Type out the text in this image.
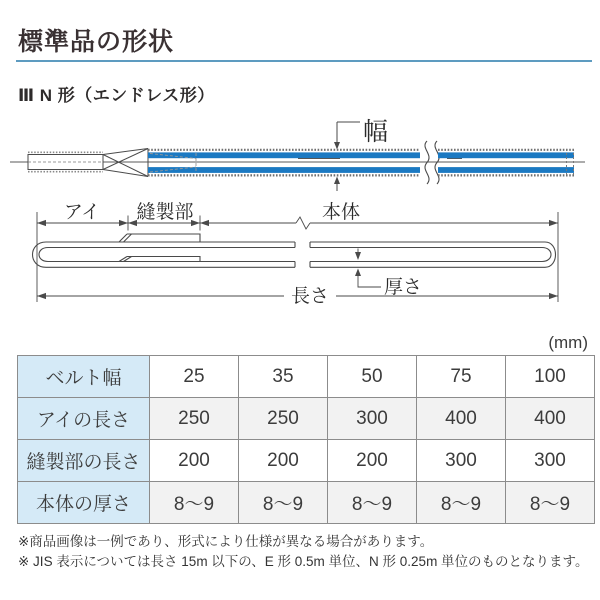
標準品の形状
Ⅲ N 形（エンドレス形）
幅
アイ 縫製部	本体
厚さ
長さ
(mm)
ベルト幅	25	35	50	75	100
アイの長さ	250	250	300	400	400
縫製部の長さ	200	200	200	300	300
本体の厚さ	8～9	8～9	8～9	8～9	8～9

※商品画像は一例であり、形式により仕様が異なる場合があります。

※ JIS 表示については長さ 15m 以下の、E 形 0.5m 単位、N 形 0.25m 単位のものとなります。
